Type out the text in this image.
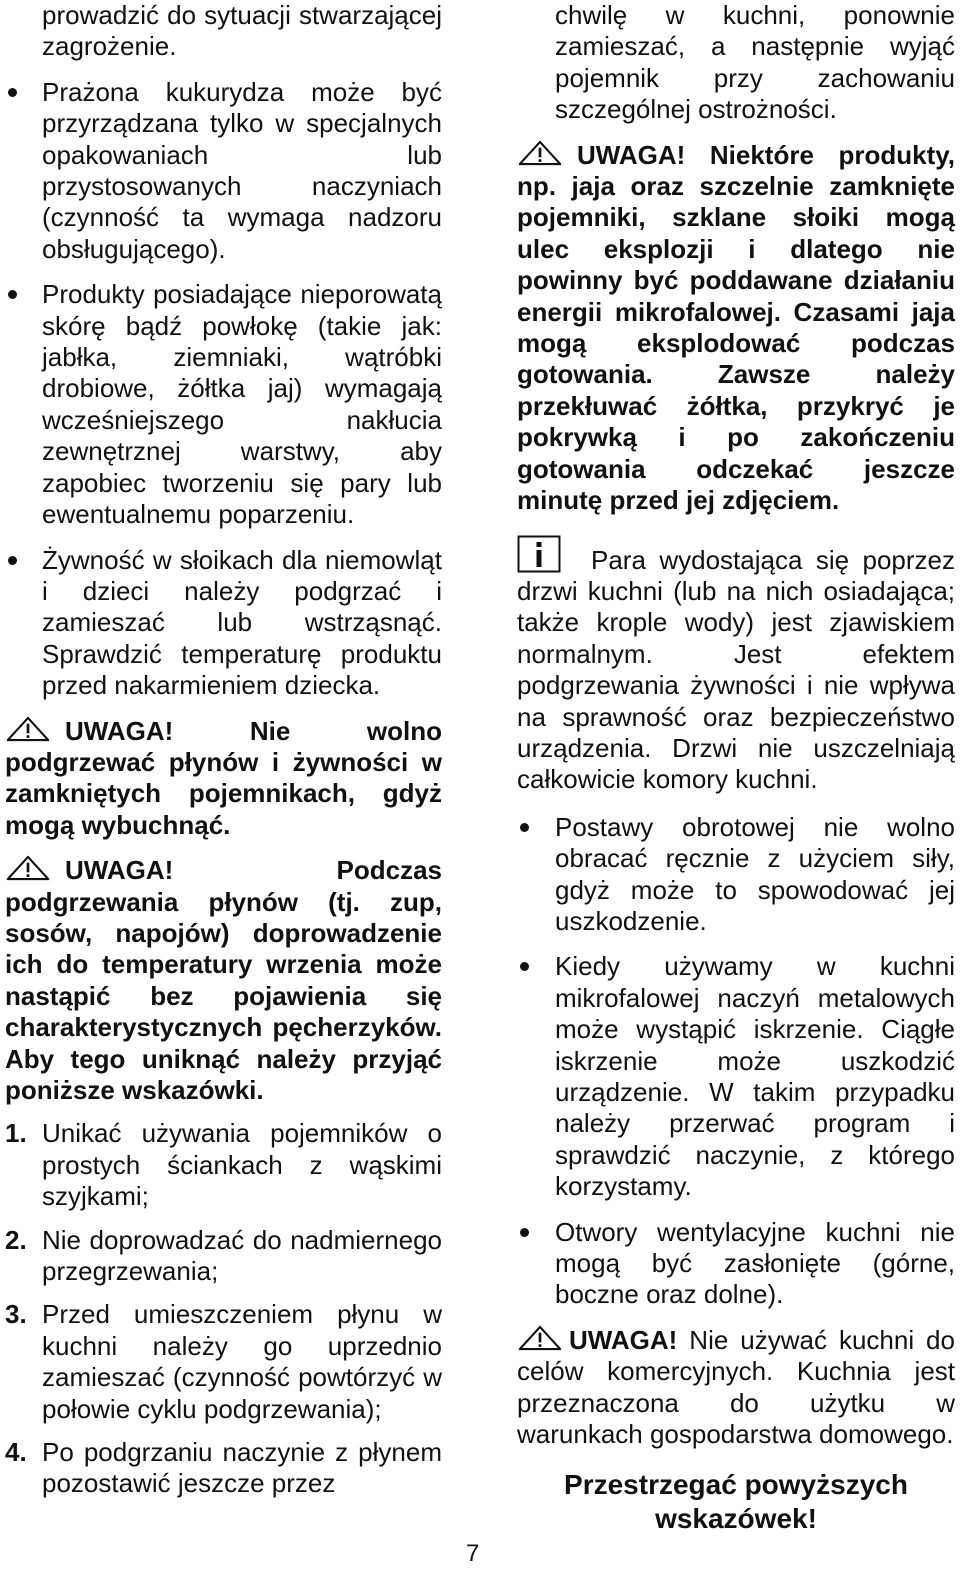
prowadzić do sytuacji stwarzającej zagrożenie.

Prażona kukurydza może być przyrządzana tylko w specjalnych opakowaniach lub przystosowanych naczyniach (czynność ta wymaga nadzoru obsługującego).

Produkty posiadające nieporowatą skórę bądź powłokę (takie jak: jabłka, ziemniaki, wątróbki drobiowe, żółtka jaj) wymagają wcześniejszego nakłucia zewnętrznej warstwy, aby zapobiec tworzeniu się pary lub ewentualnemu poparzeniu.

Żywność w słoikach dla niemowląt i dzieci należy podgrzać i zamieszać lub wstrząsnąć. Sprawdzić temperaturę produktu przed nakarmieniem dziecka.

UWAGA! Nie wolno podgrzewać płynów i żywności w zamkniętych pojemnikach, gdyż mogą wybuchnąć.

UWAGA! Podczas podgrzewania płynów (tj. zup, sosów, napojów) doprowadzenie ich do temperatury wrzenia może nastąpić bez pojawienia się charakterystycznych pęcherzyków. Aby tego uniknąć należy przyjąć poniższe wskazówki.

1. Unikać używania pojemników o prostych ściankach z wąskimi szyjkami;

2. Nie doprowadzać do nadmiernego przegrzewania;

3. Przed umieszczeniem płynu w kuchni należy go uprzednio zamieszać (czynność powtórzyć w połowie cyklu podgrzewania);

4. Po podgrzaniu naczynie z płynem pozostawić jeszcze przez

chwilę w kuchni, ponownie zamieszać, a następnie wyjąć pojemnik przy zachowaniu szczególnej ostrożności.

UWAGA! Niektóre produkty, np. jaja oraz szczelnie zamknięte pojemniki, szklane słoiki mogą ulec eksplozji i dlatego nie powinny być poddawane działaniu energii mikrofalowej. Czasami jaja mogą eksplodować podczas gotowania. Zawsze należy przekłuwać żółtka, przykryć je pokrywką i po zakończeniu gotowania odczekać jeszcze minutę przed jej zdjęciem.

Para wydostająca się poprzez drzwi kuchni (lub na nich osiadająca; także krople wody) jest zjawiskiem normalnym. Jest efektem podgrzewania żywności i nie wpływa na sprawność oraz bezpieczeństwo urządzenia. Drzwi nie uszczelniają całkowicie komory kuchni.

Postawy obrotowej nie wolno obracać ręcznie z użyciem siły, gdyż może to spowodować jej uszkodzenie.

Kiedy używamy w kuchni mikrofalowej naczyń metalowych może wystąpić iskrzenie. Ciągłe iskrzenie może uszkodzić urządzenie. W takim przypadku należy przerwać program i sprawdzić naczynie, z którego korzystamy.

Otwory wentylacyjne kuchni nie mogą być zasłonięte (górne, boczne oraz dolne).

UWAGA! Nie używać kuchni do celów komercyjnych. Kuchnia jest przeznaczona do użytku w warunkach gospodarstwa domowego.

Przestrzegać powyższych wskazówek!

7
